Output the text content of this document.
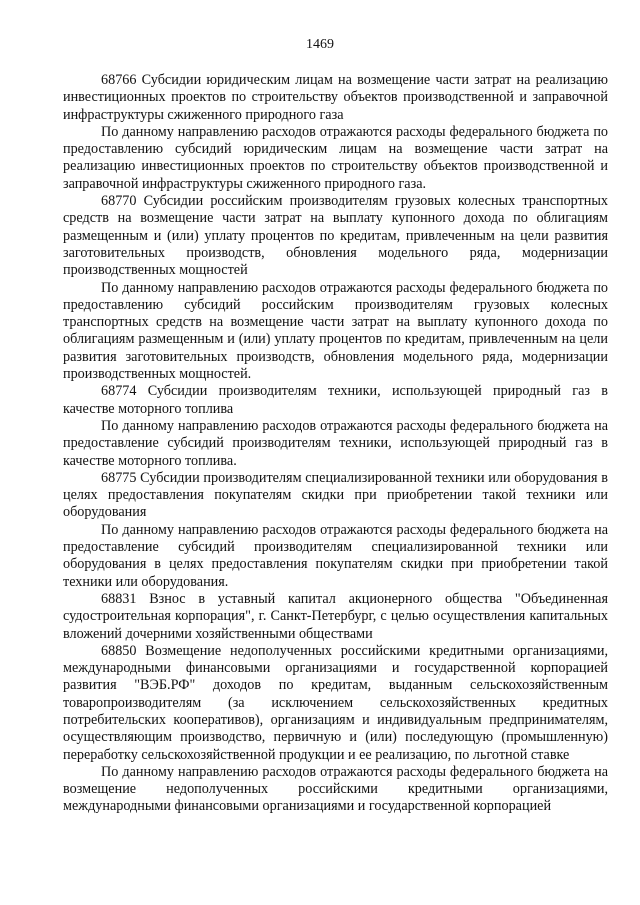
1469

68766 Субсидии юридическим лицам на возмещение части затрат на реализацию инвестиционных проектов по строительству объектов производственной и заправочной инфраструктуры сжиженного природного газа

По данному направлению расходов отражаются расходы федерального бюджета по предоставлению субсидий юридическим лицам на возмещение части затрат на реализацию инвестиционных проектов по строительству объектов производственной и заправочной инфраструктуры сжиженного природного газа.

68770 Субсидии российским производителям грузовых колесных транспортных средств на возмещение части затрат на выплату купонного дохода по облигациям размещенным и (или) уплату процентов по кредитам, привлеченным на цели развития заготовительных производств, обновления модельного ряда, модернизации производственных мощностей

По данному направлению расходов отражаются расходы федерального бюджета по предоставлению субсидий российским производителям грузовых колесных транспортных средств на возмещение части затрат на выплату купонного дохода по облигациям размещенным и (или) уплату процентов по кредитам, привлеченным на цели развития заготовительных производств, обновления модельного ряда, модернизации производственных мощностей.

68774 Субсидии производителям техники, использующей природный газ в качестве моторного топлива

По данному направлению расходов отражаются расходы федерального бюджета на предоставление субсидий производителям техники, использующей природный газ в качестве моторного топлива.

68775 Субсидии производителям специализированной техники или оборудования в целях предоставления покупателям скидки при приобретении такой техники или оборудования

По данному направлению расходов отражаются расходы федерального бюджета на предоставление субсидий производителям специализированной техники или оборудования в целях предоставления покупателям скидки при приобретении такой техники или оборудования.

68831 Взнос в уставный капитал акционерного общества "Объединенная судостроительная корпорация", г. Санкт-Петербург, с целью осуществления капитальных вложений дочерними хозяйственными обществами

68850 Возмещение недополученных российскими кредитными организациями, международными финансовыми организациями и государственной корпорацией развития "ВЭБ.РФ" доходов по кредитам, выданным сельскохозяйственным товаропроизводителям (за исключением сельскохозяйственных кредитных потребительских кооперативов), организациям и индивидуальным предпринимателям, осуществляющим производство, первичную и (или) последующую (промышленную) переработку сельскохозяйственной продукции и ее реализацию, по льготной ставке

По данному направлению расходов отражаются расходы федерального бюджета на возмещение недополученных российскими кредитными организациями, международными финансовыми организациями и государственной корпорацией
